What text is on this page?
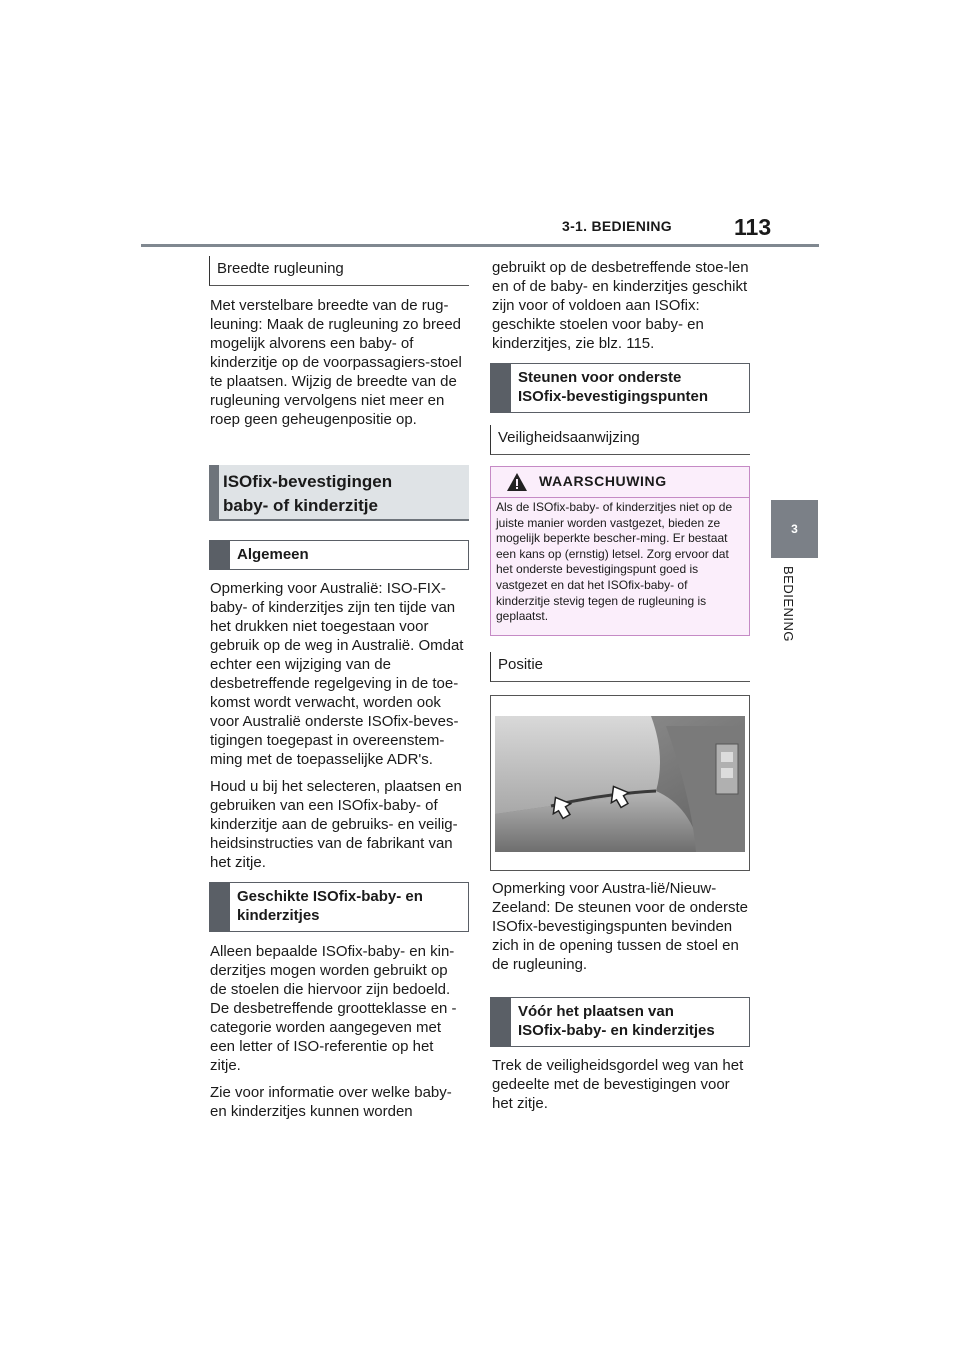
3-1. BEDIENING	113
3
BEDIENING
Breedte rugleuning

Met verstelbare breedte van de rug-leuning: Maak de rugleuning zo breed mogelijk alvorens een baby- of kinderzitje op de voorpassagiers-stoel te plaatsen. Wijzig de breedte van de rugleuning vervolgens niet meer en roep geen geheugenpositie op.

ISOfix-bevestigingen
baby- of kinderzitje
Algemeen

Opmerking voor Australië: ISO-FIX-baby- of kinderzitjes zijn ten tijde van het drukken niet toegestaan voor gebruik op de weg in Australië. Omdat echter een wijziging van de desbetreffende regelgeving in de toe-komst wordt verwacht, worden ook voor Australië onderste ISOfix-beves-tigingen toegepast in overeenstem-ming met de toepasselijke ADR's.

Houd u bij het selecteren, plaatsen en gebruiken van een ISOfix-baby- of kinderzitje aan de gebruiks- en veilig-heidsinstructies van de fabrikant van het zitje.

Geschikte ISOfix-baby- en
kinderzitjes

Alleen bepaalde ISOfix-baby- en kin-derzitjes mogen worden gebruikt op de stoelen die hiervoor zijn bedoeld. De desbetreffende grootteklasse en -categorie worden aangegeven met een letter of ISO-referentie op het zitje.

Zie voor informatie over welke baby- en kinderzitjes kunnen worden

gebruikt op de desbetreffende stoe-len en of de baby- en kinderzitjes geschikt zijn voor of voldoen aan ISOfix: geschikte stoelen voor baby- en kinderzitjes, zie blz. 115.

Steunen voor onderste
ISOfix-bevestigingspunten
Veiligheidsaanwijzing
WAARSCHUWING
Als de ISOfix-baby- of kinderzitjes niet op de juiste manier worden vastgezet, bieden ze mogelijk beperkte bescher-ming. Er bestaat een kans op (ernstig) letsel. Zorg ervoor dat het onderste bevestigingspunt goed is vastgezet en dat het ISOfix-baby- of kinderzitje stevig tegen de rugleuning is geplaatst.
Positie

Opmerking voor Austra-lië/Nieuw-Zeeland: De steunen voor de onderste ISOfix-bevestigingspunten bevinden zich in de opening tussen de stoel en de rugleuning.

Vóór het plaatsen van
ISOfix-baby- en kinderzitjes

Trek de veiligheidsgordel weg van het gedeelte met de bevestigingen voor het zitje.
